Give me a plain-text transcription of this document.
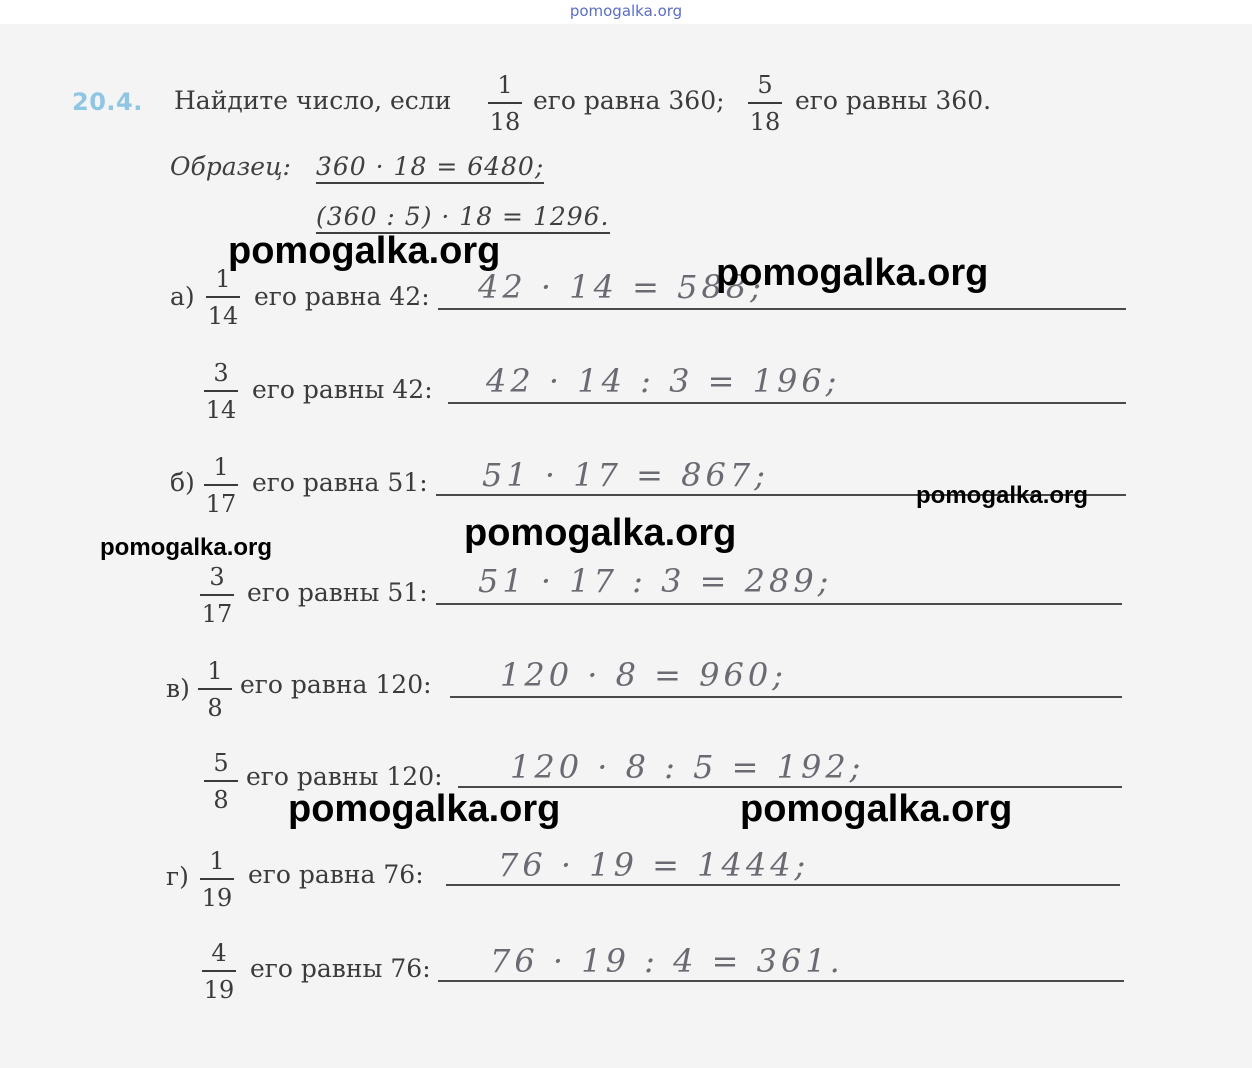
pomogalka.org
20.4. Найдите число, если
1
18
его равна 360;
5
18
его равны 360.
Образец: 360 · 18 = 6480;
(360 : 5) · 18 = 1296.
а)
1
14
его равна 42: 42 · 14 = 588;
3
14
его равны 42: 42 · 14 : 3 = 196;
б)
1
17
его равна 51: 51 · 17 = 867;
3
17
его равны 51: 51 · 17 : 3 = 289;
в)
1
8
его равна 120: 120 · 8 = 960;
5
8
его равны 120: 120 · 8 : 5 = 192;
г)
1
19
его равна 76: 76 · 19 = 1444;
4
19
его равны 76: 76 · 19 : 4 = 361.
pomogalka.org
pomogalka.org
pomogalka.org
pomogalka.org
pomogalka.org
pomogalka.org	pomogalka.org
